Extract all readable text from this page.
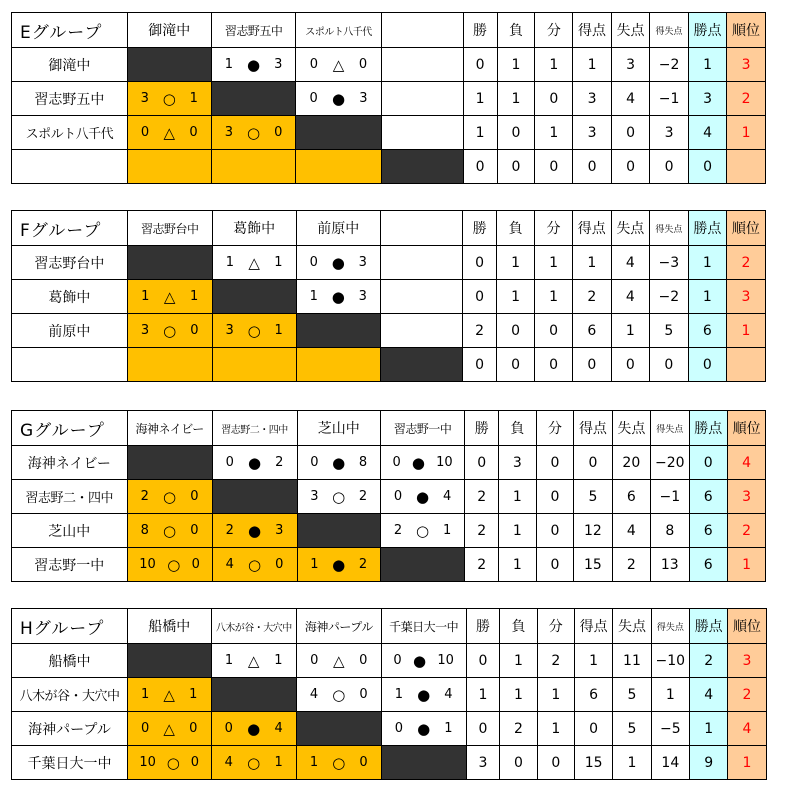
Eグループ	御滝中	習志野五中	スポルト八千代		勝	負	分	得点	失点	得失点	勝点	順位
御滝中		1 ● 3	0 △ 0		0	1	1	1	3	−2	1	3
習志野五中	3 ○ 1		0 ● 3		1	1	0	3	4	−1	3	2
スポルト八千代	0 △ 0	3 ○ 0			1	0	1	3	0	3	4	1
					0	0	0	0	0	0	0	
Fグループ	習志野台中	葛飾中	前原中		勝	負	分	得点	失点	得失点	勝点	順位
習志野台中		1 △ 1	0 ● 3		0	1	1	1	4	−3	1	2
葛飾中	1 △ 1		1 ● 3		0	1	1	2	4	−2	1	3
前原中	3 ○ 0	3 ○ 1			2	0	0	6	1	5	6	1
					0	0	0	0	0	0	0	
Gグループ	海神ネイビー	習志野二・四中	芝山中	習志野一中	勝	負	分	得点	失点	得失点	勝点	順位
海神ネイビー		0 ● 2	0 ● 8	0 ● 10	0	3	0	0	20	−20	0	4
習志野二・四中	2 ○ 0		3 ○ 2	0 ● 4	2	1	0	5	6	−1	6	3
芝山中	8 ○ 0	2 ● 3		2 ○ 1	2	1	0	12	4	8	6	2
習志野一中	10 ○ 0	4 ○ 0	1 ● 2		2	1	0	15	2	13	6	1
Hグループ	船橋中	八木が谷・大穴中	海神パープル	千葉日大一中	勝	負	分	得点	失点	得失点	勝点	順位
船橋中		1 △ 1	0 △ 0	0 ● 10	0	1	2	1	11	−10	2	3
八木が谷・大穴中	1 △ 1		4 ○ 0	1 ● 4	1	1	1	6	5	1	4	2
海神パープル	0 △ 0	0 ● 4		0 ● 1	0	2	1	0	5	−5	1	4
千葉日大一中	10 ○ 0	4 ○ 1	1 ○ 0		3	0	0	15	1	14	9	1
